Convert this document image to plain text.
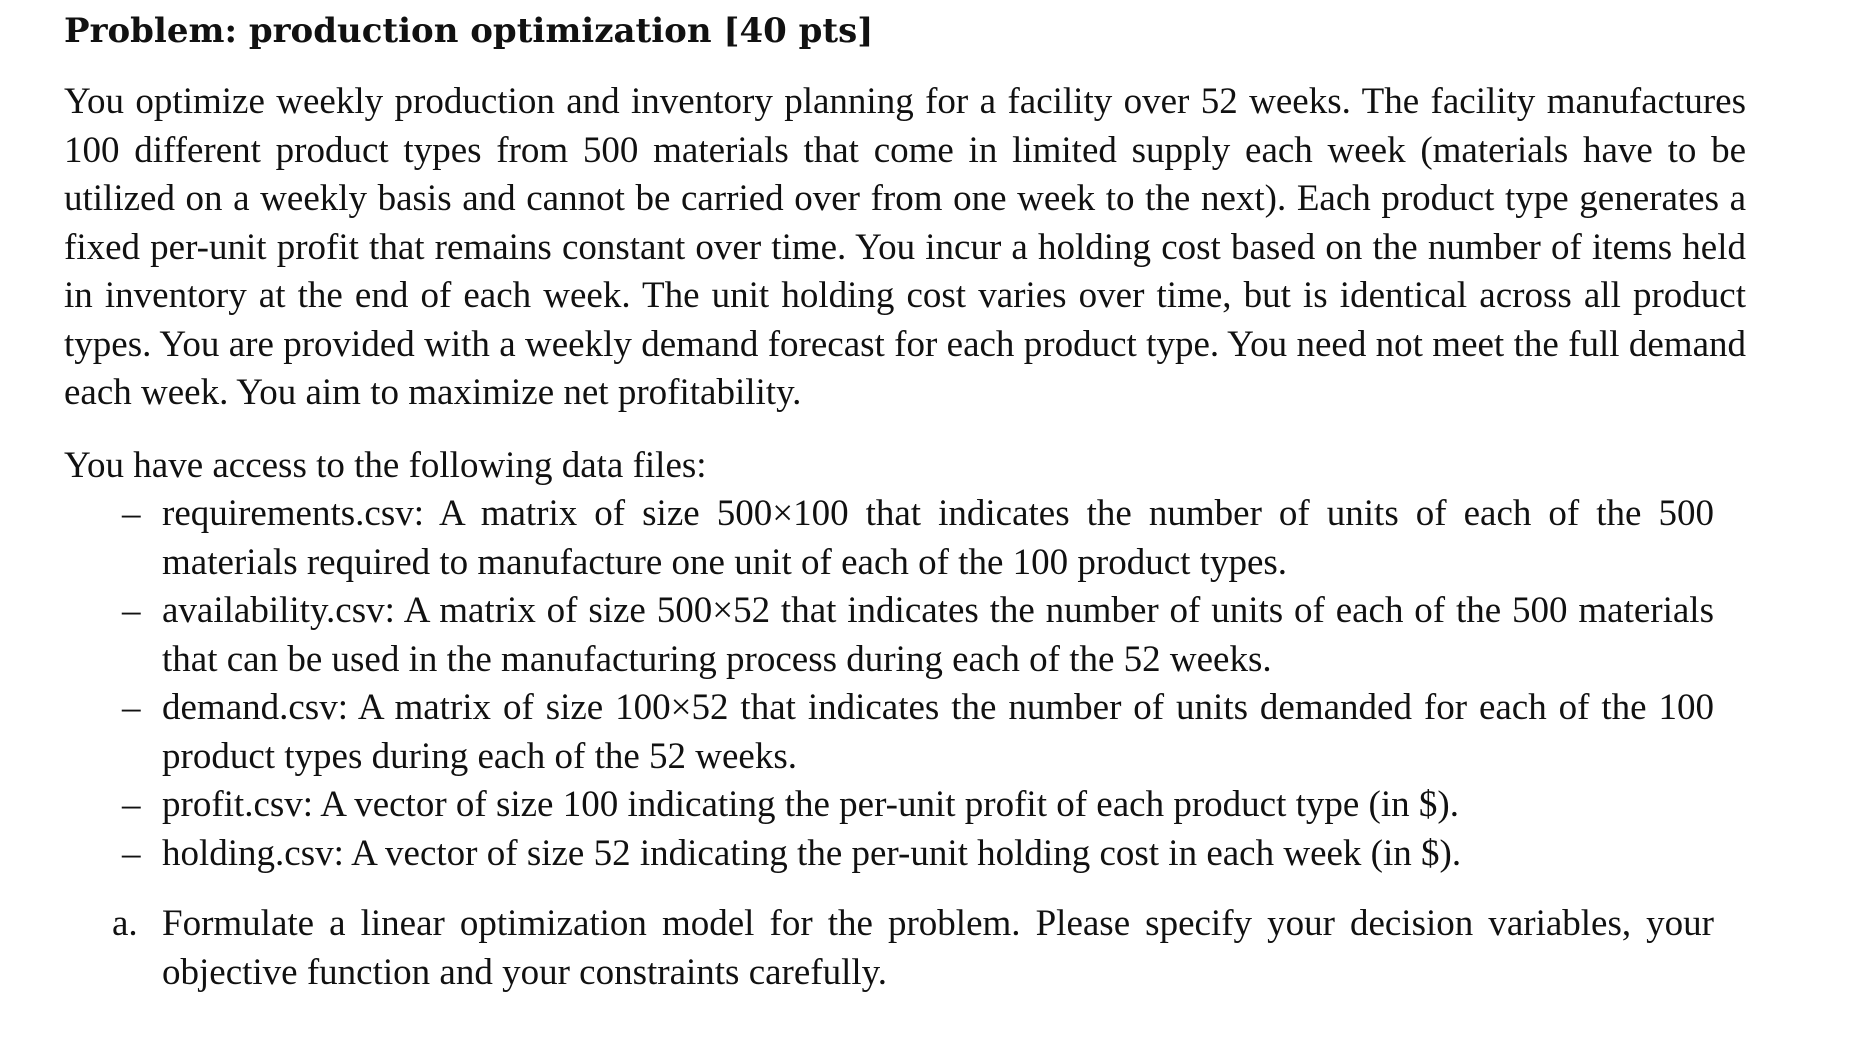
Problem: production optimization [40 pts]

You optimize weekly production and inventory planning for a facility over 52 weeks. The facility manufactures 100 different product types from 500 materials that come in limited supply each week (materials have to be utilized on a weekly basis and cannot be carried over from one week to the next). Each product type generates a fixed per-unit profit that remains constant over time. You incur a holding cost based on the number of items held in inventory at the end of each week. The unit holding cost varies over time, but is identical across all product types. You are provided with a weekly demand forecast for each product type. You need not meet the full demand each week. You aim to maximize net profitability.

You have access to the following data files:

– requirements.csv: A matrix of size 500×100 that indicates the number of units of each of the 500 materials required to manufacture one unit of each of the 100 product types.
– availability.csv: A matrix of size 500×52 that indicates the number of units of each of the 500 materials that can be used in the manufacturing process during each of the 52 weeks.
– demand.csv: A matrix of size 100×52 that indicates the number of units demanded for each of the 100 product types during each of the 52 weeks.
– profit.csv: A vector of size 100 indicating the per-unit profit of each product type (in $).
– holding.csv: A vector of size 52 indicating the per-unit holding cost in each week (in $).
a. Formulate a linear optimization model for the problem. Please specify your decision variables, your objective function and your constraints carefully.
